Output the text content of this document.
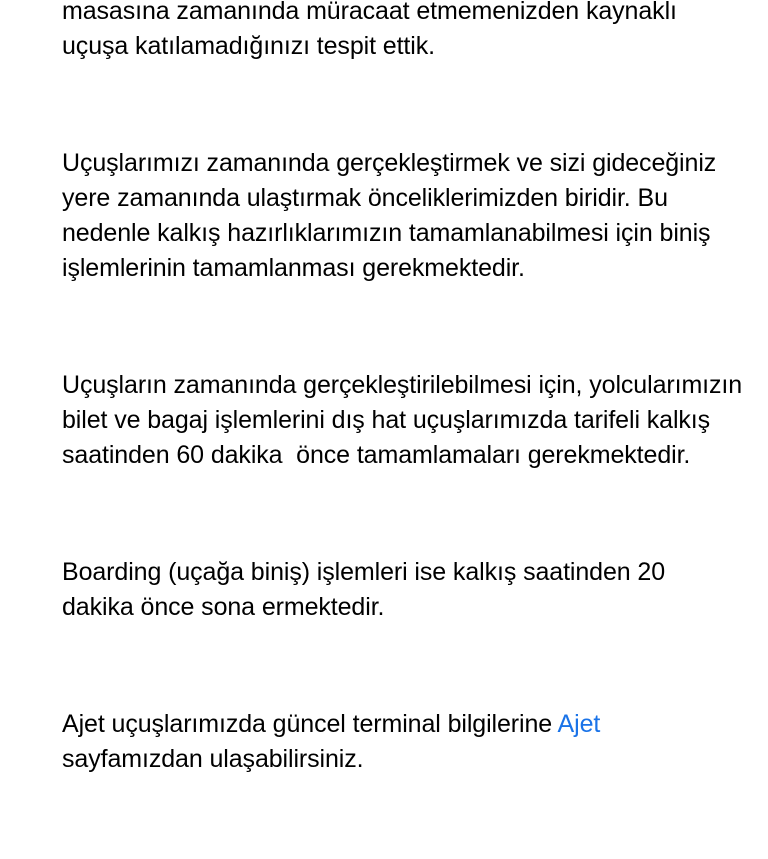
masasına zamanında müracaat etmemenizden kaynaklı
uçuşa katılamadığınızı tespit ettik.
Uçuşlarımızı zamanında gerçekleştirmek ve sizi gideceğiniz
yere zamanında ulaştırmak önceliklerimizden biridir. Bu
nedenle kalkış hazırlıklarımızın tamamlanabilmesi için biniş
işlemlerinin tamamlanması gerekmektedir.
Uçuşların zamanında gerçekleştirilebilmesi için, yolcularımızın
bilet ve bagaj işlemlerini dış hat uçuşlarımızda tarifeli kalkış
saatinden 60 dakika  önce tamamlamaları gerekmektedir.
Boarding (uçağa biniş) işlemleri ise kalkış saatinden 20
dakika önce sona ermektedir.
Ajet uçuşlarımızda güncel terminal bilgilerine Ajet
sayfamızdan ulaşabilirsiniz.
